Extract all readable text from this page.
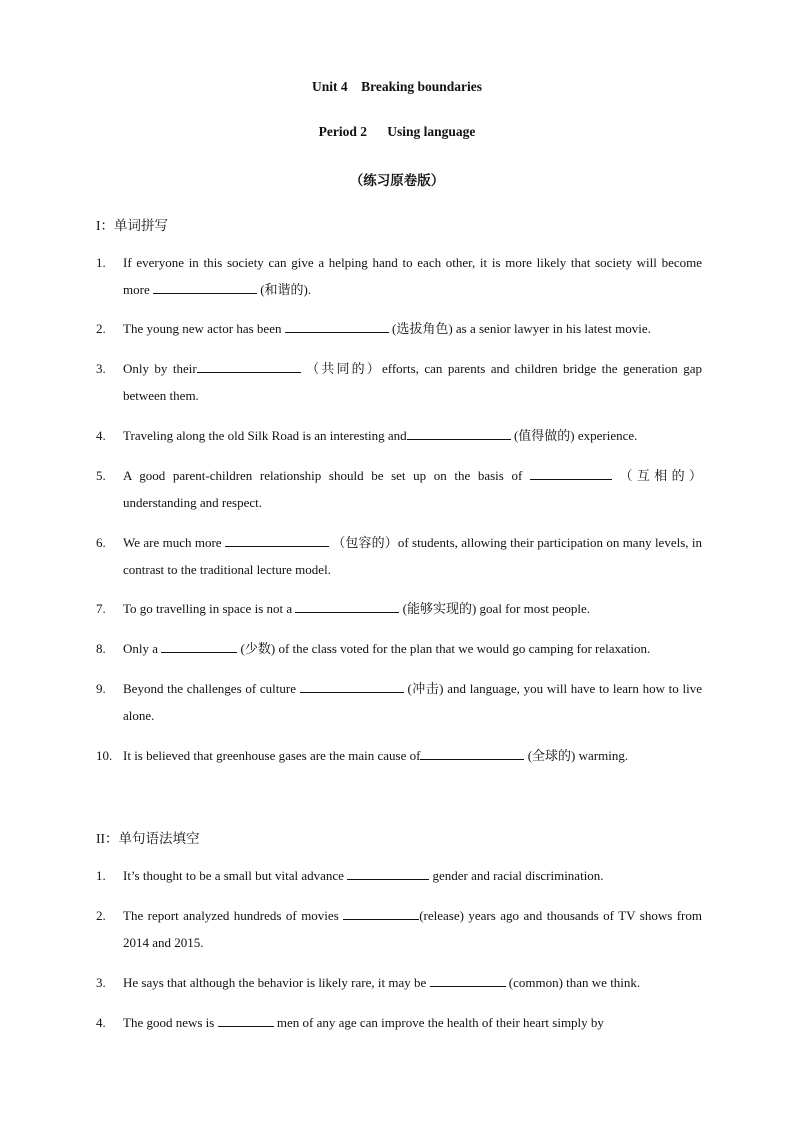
Unit 4    Breaking boundaries
Period 2      Using language
（练习原卷版）
I：单词拼写
1. If everyone in this society can give a helping hand to each other, it is more likely that society will become more	(和谐的).
2. The young new actor has been	(选拔角色) as a senior lawyer in his latest movie.
3. Only by their	（共同的）efforts, can parents and children bridge the generation gap between them.
4. Traveling along the old Silk Road is an interesting and	(值得做的) experience.
5. A good parent-children relationship should be set up on the basis of	（互相的） understanding and respect.
6. We are much more	（包容的）of students, allowing their participation on many levels, in contrast to the traditional lecture model.
7. To go travelling in space is not a	(能够实现的) goal for most people.
8. Only a	(少数) of the class voted for the plan that we would go camping for relaxation.
9. Beyond the challenges of culture	(冲击) and language, you will have to learn how to live alone.
10. It is believed that greenhouse gases are the main cause of	(全球的) warming.
II：单句语法填空
1. It’s thought to be a small but vital advance	gender and racial discrimination.
2. The report analyzed hundreds of movies	(release) years ago and thousands of TV shows from 2014 and 2015.
3. He says that although the behavior is likely rare, it may be	(common) than we think.
4. The good news is	men of any age can improve the health of their heart simply by
